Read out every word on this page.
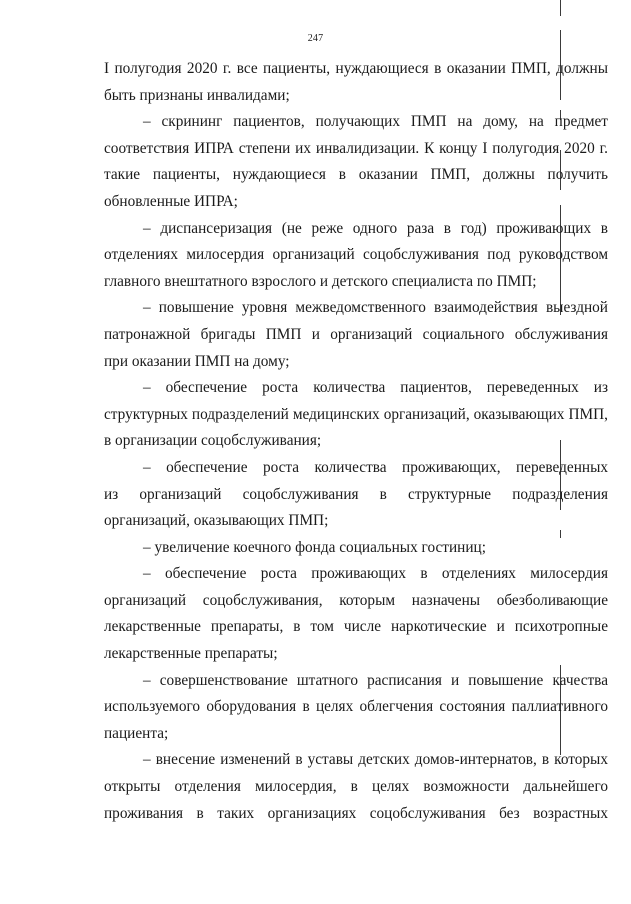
247
I полугодия 2020 г. все пациенты, нуждающиеся в оказании ПМП, должны
быть признаны инвалидами;
– скрининг пациентов, получающих ПМП на дому, на предмет
соответствия ИПРА степени их инвалидизации. К концу I полугодия 2020 г.
такие пациенты, нуждающиеся в оказании ПМП, должны получить
обновленные ИПРА;
– диспансеризация (не реже одного раза в год) проживающих в
отделениях милосердия организаций соцобслуживания под руководством
главного внештатного взрослого и детского специалиста по ПМП;
– повышение уровня межведомственного взаимодействия выездной
патронажной бригады ПМП и организаций социального обслуживания
при оказании ПМП на дому;
– обеспечение роста количества пациентов, переведенных из
структурных подразделений медицинских организаций, оказывающих ПМП,
в организации соцобслуживания;
– обеспечение роста количества проживающих, переведенных
из организаций соцобслуживания в структурные подразделения
организаций, оказывающих ПМП;
– увеличение коечного фонда социальных гостиниц;
– обеспечение роста проживающих в отделениях милосердия
организаций соцобслуживания, которым назначены обезболивающие
лекарственные препараты, в том числе наркотические и психотропные
лекарственные препараты;
– совершенствование штатного расписания и повышение качества
используемого оборудования в целях облегчения состояния паллиативного
пациента;
– внесение изменений в уставы детских домов-интернатов, в которых
открыты отделения милосердия, в целях возможности дальнейшего
проживания в таких организациях соцобслуживания без возрастных
